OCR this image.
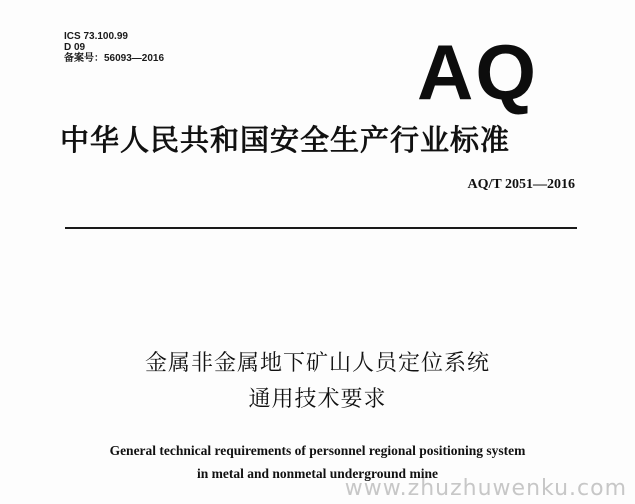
ICS 73.100.99
D 09
备案号：56093—2016	AQ
中华人民共和国安全生产行业标准
AQ/T 2051—2016
金属非金属地下矿山人员定位系统
通用技术要求
General technical requirements of personnel regional positioning system
in metal and nonmetal underground mine
www.zhuzhuwenku.com
